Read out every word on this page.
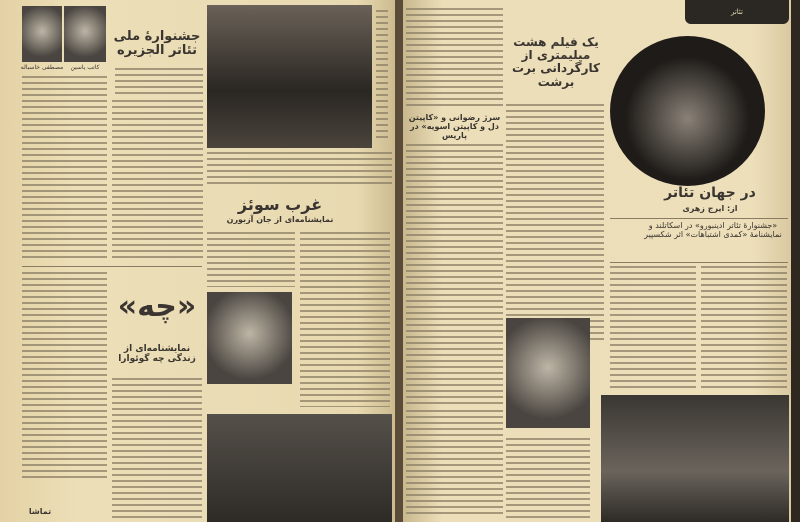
مصطفی خاسباله	کاتب یاسین
جشنوارهٔ ملی تئاتر الجزیره
«چه»
نمایشنامه‌ای از زندگی چه گوئوارا
تماشا
غرب سوئز
نمایشنامه‌ای از جان آزبورن
تئاتر
یک فیلم هشت میلیمتری از کارگردانی برت برشت
سرژ رضوانی و «کاپیتن دل و کاپیتن اسویه» در پاریس
در جهان تئاتر
از: ایرج زهری
«جشنوارهٔ تئاتر ادینبورو» در اسکاتلند و نمایشنامهٔ «کمدی اشتباهات» اثر شکسپیر
